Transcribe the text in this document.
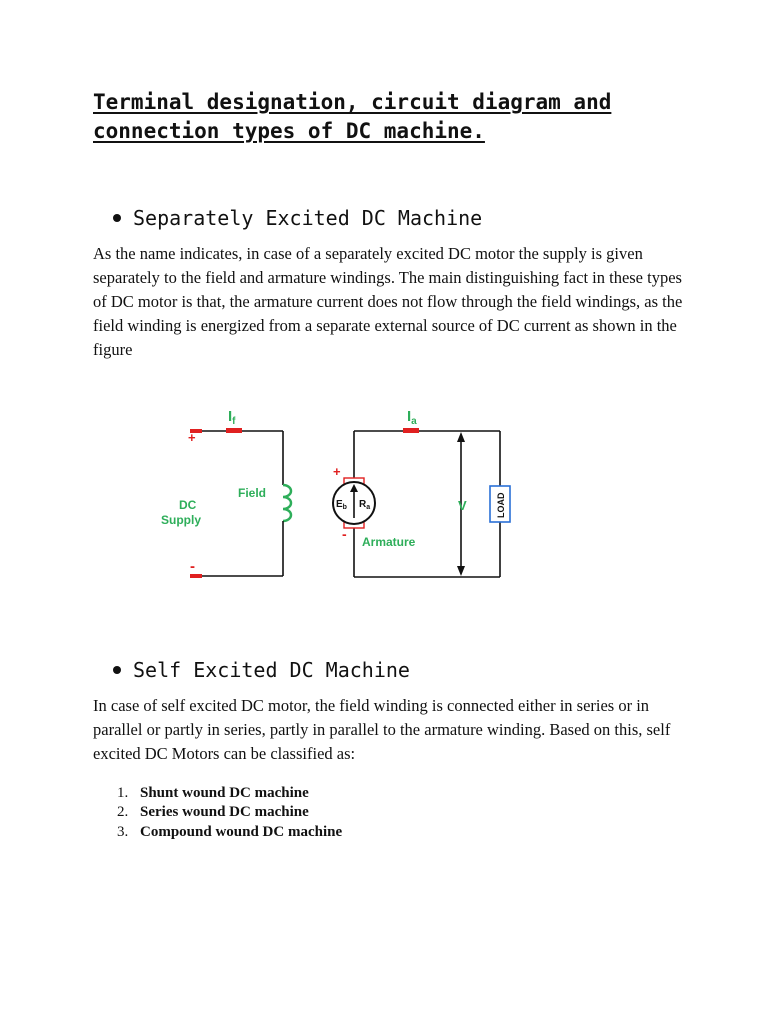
Terminal designation, circuit diagram and connection types of DC machine.
Separately Excited DC Machine

As the name indicates, in case of a separately excited DC motor the supply is given separately to the field and armature windings. The main distinguishing fact in these types of DC motor is that, the armature current does not flow through the field windings, as the field winding is energized from a separate external source of DC current as shown in the figure

$I_f$
+
-
DC
Supply
Field
$I_a$
$E_b$ $R_a$
+
- Armature
V	LOAD
Self Excited DC Machine

In case of self excited DC motor, the field winding is connected either in series or in parallel or partly in series, partly in parallel to the armature winding. Based on this, self excited DC Motors can be classified as:

1. Shunt wound DC machine
2. Series wound DC machine
3. Compound wound DC machine
